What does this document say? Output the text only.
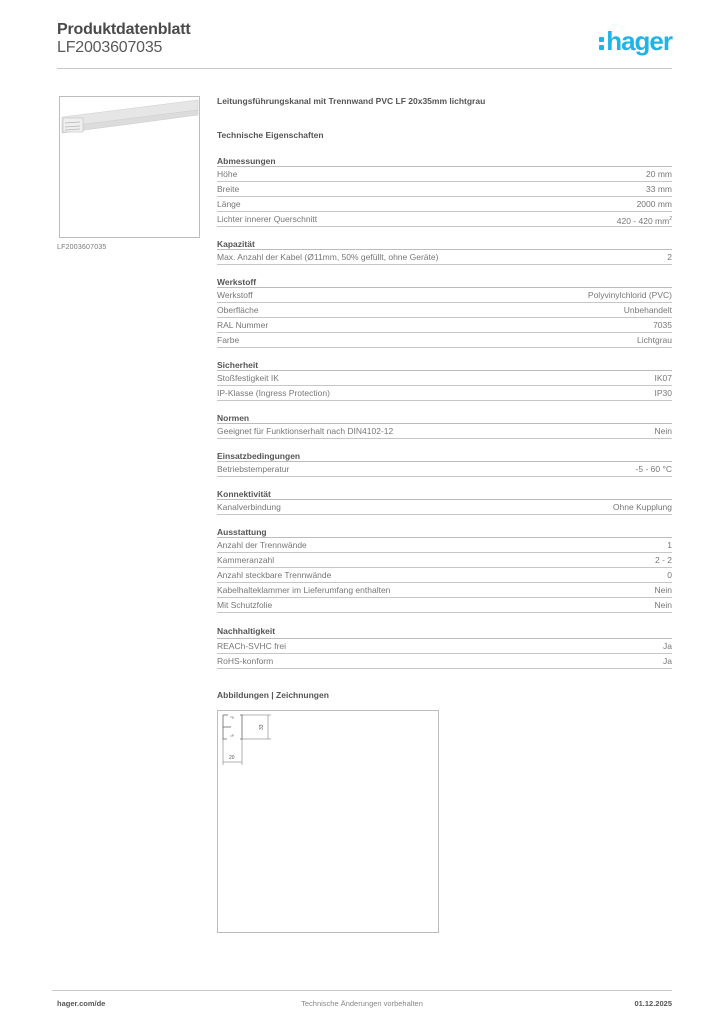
Produktdatenblatt
LF2003607035	hager
LF2003607035
Leitungsführungskanal mit Trennwand PVC LF 20x35mm lichtgrau
Technische Eigenschaften
Abmessungen
Höhe	20 mm
Breite	33 mm
Länge	2000 mm
Lichter innerer Querschnitt	420 - 420 $mm^2$
Kapazität
Max. Anzahl der Kabel (Ø11mm, 50% gefüllt, ohne Geräte)	2
Werkstoff
Werkstoff	Polyvinylchlorid (PVC)
Oberfläche	Unbehandelt
RAL Nummer	7035
Farbe	Lichtgrau
Sicherheit
Stoßfestigkeit IK	IK07
IP-Klasse (Ingress Protection)	IP30
Normen
Geeignet für Funktionserhalt nach DIN4102-12	Nein
Einsatzbedingungen
Betriebstemperatur	-5 - 60 °C
Konnektivität
Kanalverbindung	Ohne Kupplung
Ausstattung
Anzahl der Trennwände	1
Kammeranzahl	2 - 2
Anzahl steckbare Trennwände	0
Kabelhalteklammer im Lieferumfang enthalten	Nein
Mit Schutzfolie	Nein
Nachhaltigkeit
REACh-SVHC frei	Ja
RoHS-konform	Ja
Abbildungen | Zeichnungen
20
33
hager.com/de	Technische Änderungen vorbehalten	01.12.2025
